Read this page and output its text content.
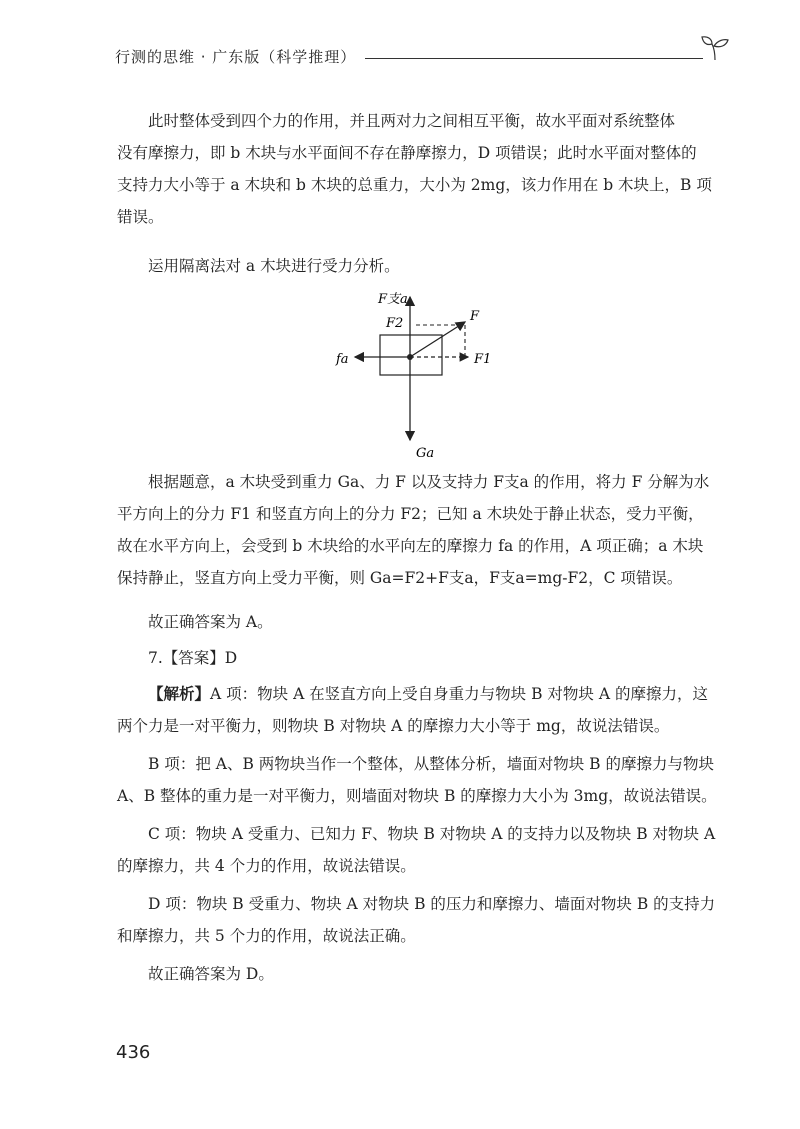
行测的思维 · 广东版（科学推理）
此时整体受到四个力的作用，并且两对力之间相互平衡，故水平面对系统整体
没有摩擦力，即 b 木块与水平面间不存在静摩擦力，D 项错误；此时水平面对整体的
支持力大小等于 a 木块和 b 木块的总重力，大小为 2mg，该力作用在 b 木块上，B 项
错误。
运用隔离法对 a 木块进行受力分析。
F支a
F2	F
fa	F1
Ga
根据题意，a 木块受到重力 Ga、力 F 以及支持力 F支a 的作用，将力 F 分解为水
平方向上的分力 F1 和竖直方向上的分力 F2；已知 a 木块处于静止状态，受力平衡，
故在水平方向上，会受到 b 木块给的水平向左的摩擦力 fa 的作用，A 项正确；a 木块
保持静止，竖直方向上受力平衡，则 Ga=F2+F支a，F支a=mg-F2，C 项错误。
故正确答案为 A。
7.【答案】D
【解析】A 项：物块 A 在竖直方向上受自身重力与物块 B 对物块 A 的摩擦力，这
两个力是一对平衡力，则物块 B 对物块 A 的摩擦力大小等于 mg，故说法错误。
B 项：把 A、B 两物块当作一个整体，从整体分析，墙面对物块 B 的摩擦力与物块
A、B 整体的重力是一对平衡力，则墙面对物块 B 的摩擦力大小为 3mg，故说法错误。
C 项：物块 A 受重力、已知力 F、物块 B 对物块 A 的支持力以及物块 B 对物块 A
的摩擦力，共 4 个力的作用，故说法错误。
D 项：物块 B 受重力、物块 A 对物块 B 的压力和摩擦力、墙面对物块 B 的支持力
和摩擦力，共 5 个力的作用，故说法正确。
故正确答案为 D。
436
